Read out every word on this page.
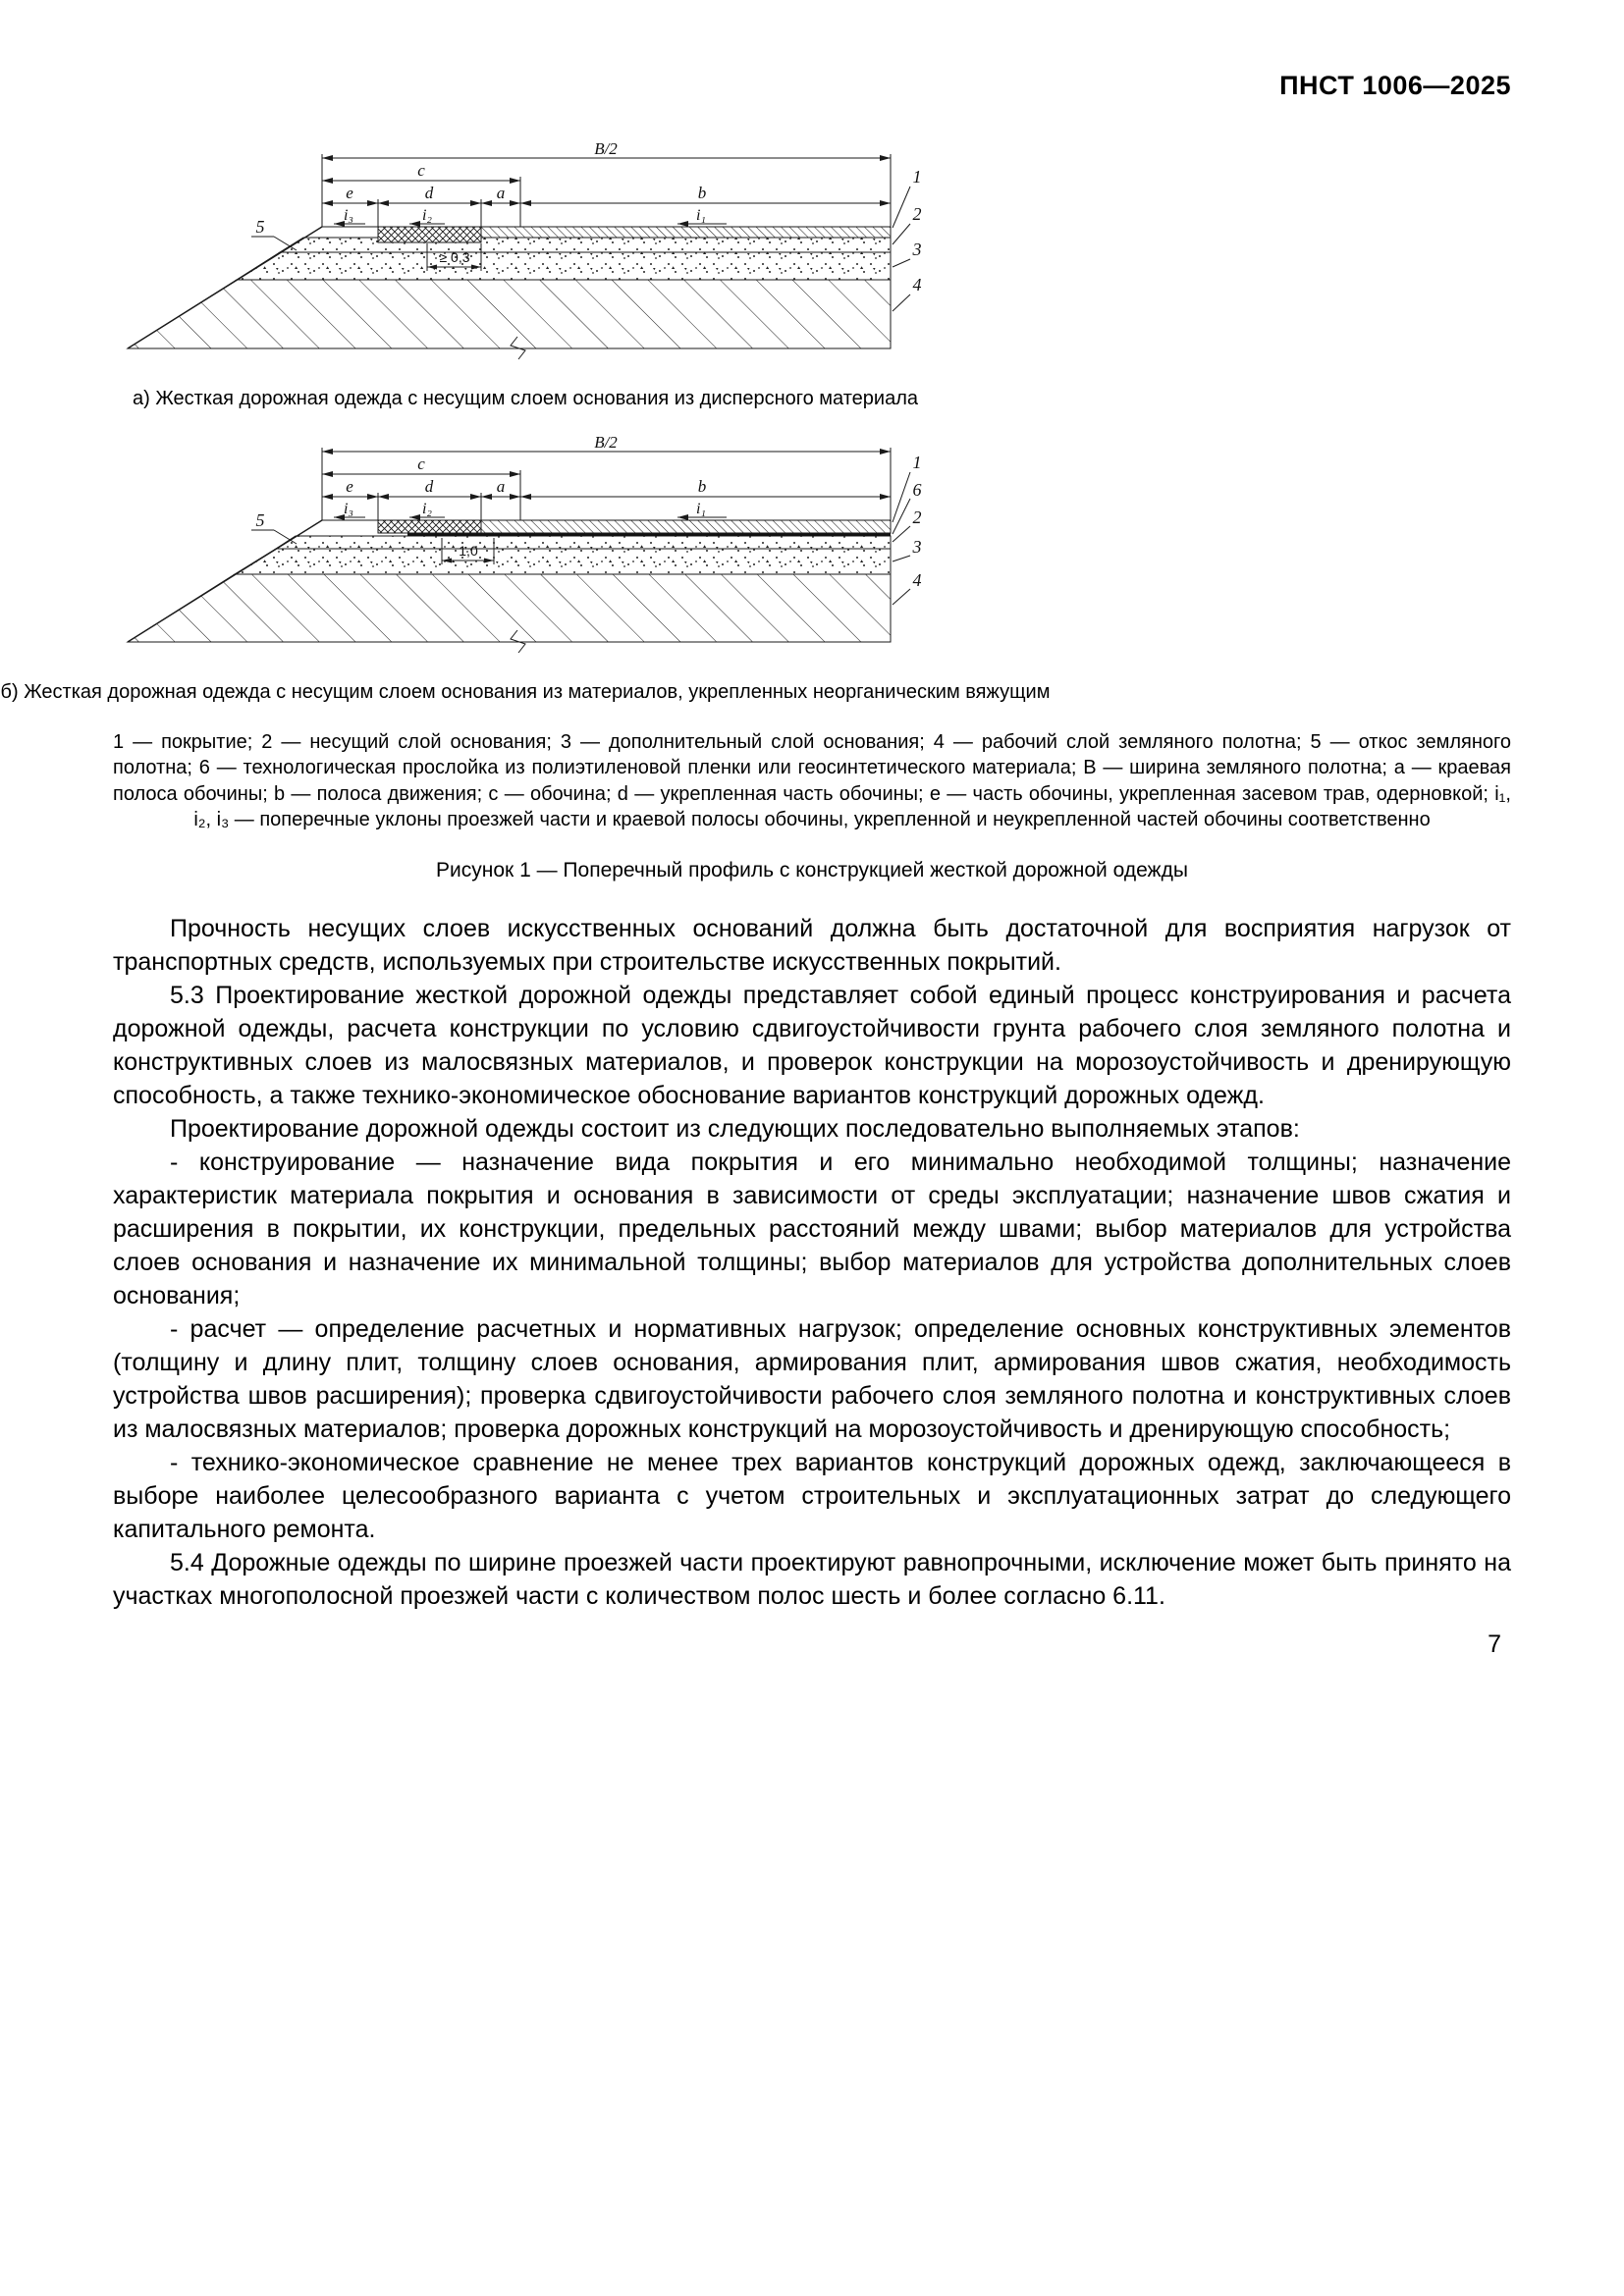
ПНСТ 1006—2025
В/2
c
e	d	a	b
i₃	i₂	i₁
≥ 0,3
5
1
2
3
4
а) Жесткая дорожная одежда с несущим слоем основания из дисперсного материала
В/2
c
e	d	a	b
i₃	i₂	i₁
1,0
5
1
6
2
3
4
б) Жесткая дорожная одежда с несущим слоем основания из материалов, укрепленных неорганическим вяжущим

1 — покрытие; 2 — несущий слой основания; 3 — дополнительный слой основания; 4 — рабочий слой земляного полотна; 5 — откос земляного полотна; 6 — технологическая прослойка из полиэтиленовой пленки или геосинтетического материала; В — ширина земляного полотна; а — краевая полоса обочины; b — полоса движения; с — обочина; d — укрепленная часть обочины; е — часть обочины, укрепленная засевом трав, одерновкой; i₁, i₂, i₃ — поперечные уклоны проезжей части и краевой полосы обочины, укрепленной и неукрепленной частей обочины соответственно

Рисунок 1 — Поперечный профиль с конструкцией жесткой дорожной одежды

Прочность несущих слоев искусственных оснований должна быть достаточной для восприятия нагрузок от транспортных средств, используемых при строительстве искусственных покрытий.

5.3 Проектирование жесткой дорожной одежды представляет собой единый процесс конструирования и расчета дорожной одежды, расчета конструкции по условию сдвигоустойчивости грунта рабочего слоя земляного полотна и конструктивных слоев из малосвязных материалов, и проверок конструкции на морозоустойчивость и дренирующую способность, а также технико-экономическое обоснование вариантов конструкций дорожных одежд.

Проектирование дорожной одежды состоит из следующих последовательно выполняемых этапов:

- конструирование — назначение вида покрытия и его минимально необходимой толщины; назначение характеристик материала покрытия и основания в зависимости от среды эксплуатации; назначение швов сжатия и расширения в покрытии, их конструкции, предельных расстояний между швами; выбор материалов для устройства слоев основания и назначение их минимальной толщины; выбор материалов для устройства дополнительных слоев основания;

- расчет — определение расчетных и нормативных нагрузок; определение основных конструктивных элементов (толщину и длину плит, толщину слоев основания, армирования плит, армирования швов сжатия, необходимость устройства швов расширения); проверка сдвигоустойчивости рабочего слоя земляного полотна и конструктивных слоев из малосвязных материалов; проверка дорожных конструкций на морозоустойчивость и дренирующую способность;

- технико-экономическое сравнение не менее трех вариантов конструкций дорожных одежд, заключающееся в выборе наиболее целесообразного варианта с учетом строительных и эксплуатационных затрат до следующего капитального ремонта.

5.4 Дорожные одежды по ширине проезжей части проектируют равнопрочными, исключение может быть принято на участках многополосной проезжей части с количеством полос шесть и более согласно 6.11.

7
